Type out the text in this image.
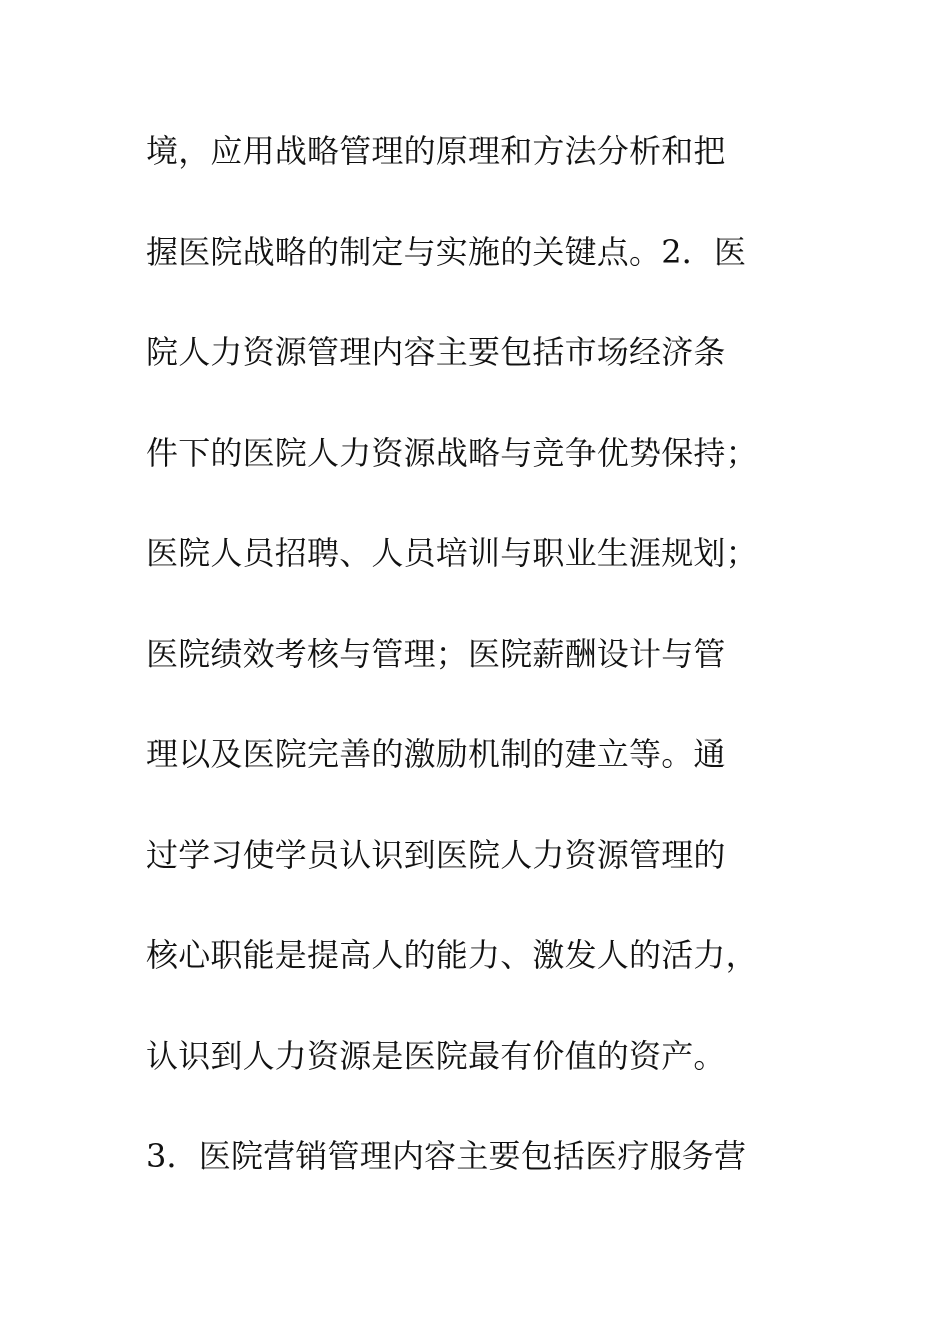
境，应用战略管理的原理和方法分析和把
握医院战略的制定与实施的关键点。2．医
院人力资源管理内容主要包括市场经济条
件下的医院人力资源战略与竞争优势保持；
医院人员招聘、人员培训与职业生涯规划；
医院绩效考核与管理；医院薪酬设计与管
理以及医院完善的激励机制的建立等。通
过学习使学员认识到医院人力资源管理的
核心职能是提高人的能力、激发人的活力，
认识到人力资源是医院最有价值的资产。
3．医院营销管理内容主要包括医疗服务营
